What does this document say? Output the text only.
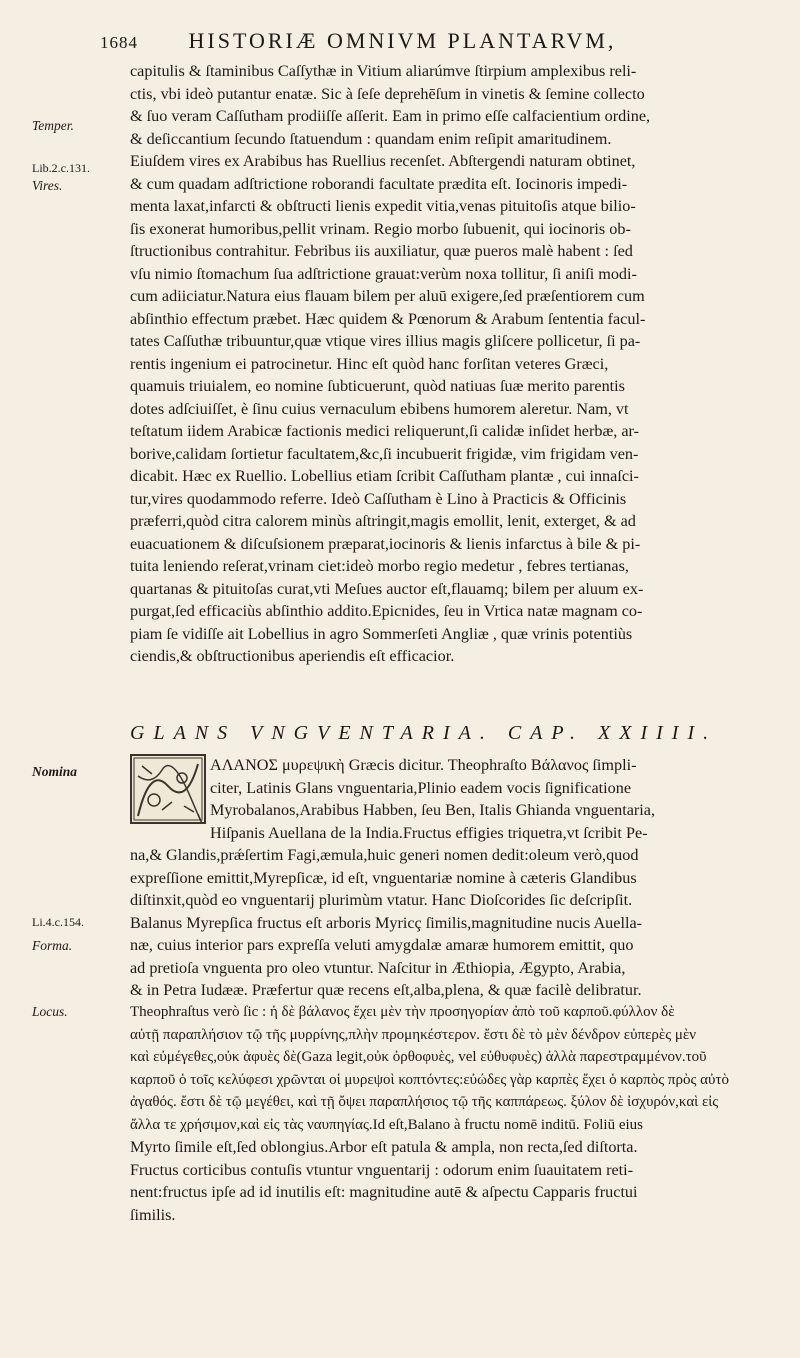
1684 HISTORIÆ OMNIVM PLANTARVM,
Temper.
Lib.2.c.131.
Vires.
Nomina
Li.4.c.154.
Forma.
Locus.
capitulis & ſtaminibus Caſſythæ in Vitium aliarúmve ſtirpium amplexibus reli-
ctis, vbi ideò putantur enatæ. Sic à ſeſe deprehēſum in vinetis & ſemine collecto
& ſuo veram Caſſutham prodiiſſe aſſerit. Eam in primo eſſe calfacientium ordine,
& deſiccantium ſecundo ſtatuendum : quandam enim reſipit amaritudinem.
Eiuſdem vires ex Arabibus has Ruellius recenſet. Abſtergendi naturam obtinet,
& cum quadam adſtrictione roborandi facultate prædita eſt. Iocinoris impedi-
menta laxat,infarcti & obſtructi lienis expedit vitia,venas pituitoſis atque bilio-
ſis exonerat humoribus,pellit vrinam. Regio morbo ſubuenit, qui iocinoris ob-
ſtructionibus contrahitur. Febribus iis auxiliatur, quæ pueros malè habent : ſed
vſu nimio ſtomachum ſua adſtrictione grauat:verùm noxa tollitur, ſi aniſi modi-
cum adiiciatur.Natura eius flauam bilem per aluū exigere,ſed præſentiorem cum
abſinthio effectum præbet. Hæc quidem & Pœnorum & Arabum ſententia facul-
tates Caſſuthæ tribuuntur,quæ vtique vires illius magis gliſcere pollicetur, ſi pa-
rentis ingenium ei patrocinetur. Hinc eſt quòd hanc forſitan veteres Græci,
quamuis triuialem, eo nomine ſubticuerunt, quòd natiuas ſuæ merito parentis
dotes adſciuiſſet, è ſinu cuius vernaculum ebibens humorem aleretur. Nam, vt
teſtatum iidem Arabicæ factionis medici reliquerunt,ſi calidæ inſidet herbæ, ar-
borive,calidam ſortietur facultatem,&c,ſi incubuerit frigidæ, vim frigidam ven-
dicabit. Hæc ex Ruellio. Lobellius etiam ſcribit Caſſutham plantæ , cui innaſci-
tur,vires quodammodo referre. Ideò Caſſutham è Lino à Practicis & Officinis
præferri,quòd citra calorem minùs aſtringit,magis emollit, lenit, exterget, & ad
euacuationem & diſcuſsionem præparat,iocinoris & lienis infarctus à bile & pi-
tuita leniendo reſerat,vrinam ciet:ideò morbo regio medetur , febres tertianas,
quartanas & pituitoſas curat,vti Meſues auctor eſt,flauamq; bilem per aluum ex-
purgat,ſed efficaciùs abſinthio addito.Epicnides, ſeu in Vrtica natæ magnam co-
piam ſe vidiſſe ait Lobellius in agro Sommerſeti Angliæ , quæ vrinis potentiùs
ciendis,& obſtructionibus aperiendis eſt efficacior.
GLANS VNGVENTARIA. CAP. XXIIII.
ΑΛΑΝΟΣ μυρεψικὴ Græcis dicitur. Theophraſto Βάλανος ſimpli-
citer, Latinis Glans vnguentaria,Plinio eadem vocis ſignificatione
Myrobalanos,Arabibus Habben, ſeu Ben, Italis Ghianda vnguentaria,
Hiſpanis Auellana de la India.Fructus effigies triquetra,vt ſcribit Pe-
na,& Glandis,prǽſertim Fagi,æmula,huic generi nomen dedit:oleum verò,quod
expreſſione emittit,Myrepſicæ, id eſt, vnguentariæ nomine à cæteris Glandibus
diſtinxit,quòd eo vnguentarij plurimùm vtatur. Hanc Dioſcorides ſic deſcripſit.
Balanus Myrepſica fructus eſt arboris Myricç ſimilis,magnitudine nucis Auella-
næ, cuius interior pars expreſſa veluti amygdalæ amaræ humorem emittit, quo
ad pretioſa vnguenta pro oleo vtuntur. Naſcitur in Æthiopia, Ægypto, Arabia,
& in Petra Iudææ. Præfertur quæ recens eſt,alba,plena, & quæ facilè delibratur.
Theophraſtus verò ſic : ἡ δὲ βάλανος ἔχει μὲν τὴν προσηγορίαν ἀπὸ τοῦ καρποῦ.φύλλον δὲ
αὐτῇ παραπλήσιον τῷ τῆς μυρρίνης,πλὴν προμηκέστερον. ἔστι δὲ τὸ μὲν δένδρον εὐπερὲς μὲν
καὶ εὐμέγεθες,οὐκ ἀφυὲς δὲ(Gaza legit,οὐκ ὀρθοφυὲς, vel εὐθυφυὲς) ἀλλὰ παρεστραμμένον.τοῦ
καρποῦ ὁ τοῖς κελύφεσι χρῶνται οἱ μυρεψοὶ κοπτόντες:εὐώδες γὰρ καρπὲς ἔχει ὁ καρπὸς πρὸς αὐτὸ
ἀγαθός. ἔστι δὲ τῷ μεγέθει, καὶ τῇ ὄψει παραπλήσιος τῷ τῆς καππάρεως. ξύλον δὲ ἰσχυρόν,καὶ εἰς
ἄλλα τε χρήσιμον,καὶ εἰς τὰς ναυπηγίας.Id eſt,Balano à fructu nomē inditū. Foliū eius
Myrto ſimile eſt,ſed oblongius.Arbor eſt patula & ampla, non recta,ſed diſtorta.
Fructus corticibus contuſis vtuntur vnguentarij : odorum enim ſuauitatem reti-
nent:fructus ipſe ad id inutilis eſt: magnitudine autē & aſpectu Capparis fructui
ſimilis.
